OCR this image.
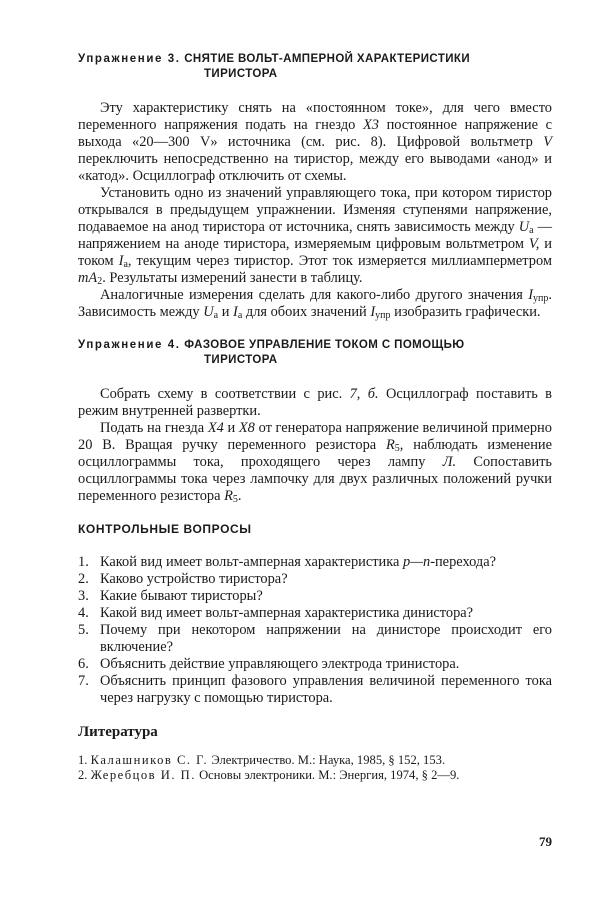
Упражнение 3. СНЯТИЕ ВОЛЬТ-АМПЕРНОЙ ХАРАКТЕРИСТИКИ
ТИРИСТОРА

Эту характеристику снять на «постоянном токе», для чего вместо переменного напряжения подать на гнездо X3 постоянное напряжение с выхода «20—300 V» источника (см. рис. 8). Цифровой вольтметр V переключить непосредственно на тиристор, между его выводами «анод» и «катод». Осциллограф отключить от схемы.

Установить одно из значений управляющего тока, при котором тиристор открывался в предыдущем упражнении. Изменяя ступенями напряжение, подаваемое на анод тиристора от источника, снять зависимость между $U_а$ — напряжением на аноде тиристора, измеряемым цифровым вольтметром V, и током $I_а$, текущим через тиристор. Этот ток измеряется миллиамперметром $mA_2$. Результаты измерений занести в таблицу.

Аналогичные измерения сделать для какого-либо другого значения $I_{упр}$. Зависимость между $U_а$ и $I_а$ для обоих значений $I_{упр}$ изобразить графически.

Упражнение 4. ФАЗОВОЕ УПРАВЛЕНИЕ ТОКОМ С ПОМОЩЬЮ
ТИРИСТОРА

Собрать схему в соответствии с рис. 7, б. Осциллограф поставить в режим внутренней развертки.

Подать на гнезда X4 и X8 от генератора напряжение величиной примерно 20 В. Вращая ручку переменного резистора $R_5$, наблюдать изменение осциллограммы тока, проходящего через лампу Л. Сопоставить осциллограммы тока через лампочку для двух различных положений ручки переменного резистора $R_5$.

КОНТРОЛЬНЫЕ ВОПРОСЫ

1. Какой вид имеет вольт-амперная характеристика p—n-перехода?
2. Каково устройство тиристора?
3. Какие бывают тиристоры?
4. Какой вид имеет вольт-амперная характеристика динистора?
5. Почему при некотором напряжении на динисторе происходит его включение?
6. Объяснить действие управляющего электрода тринистора.
7. Объяснить принцип фазового управления величиной переменного тока через нагрузку с помощью тиристора.

Литература

1. Калашников С. Г. Электричество. М.: Наука, 1985, § 152, 153.
2. Жеребцов И. П. Основы электроники. М.: Энергия, 1974, § 2—9.
79
